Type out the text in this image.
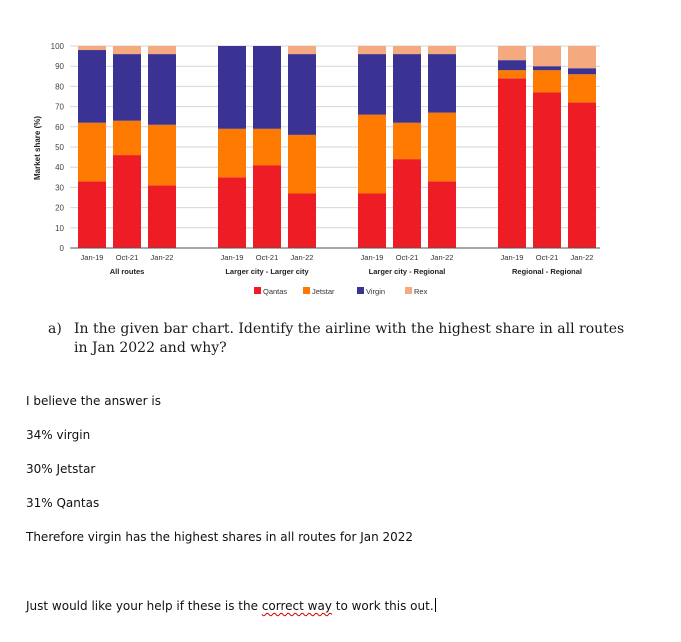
0
10
20
30
40
50
60
70
80
90
100
Jan-19 Oct-21 Jan-22
All routes
Jan-19 Oct-21 Jan-22
Larger city - Larger city
Jan-19 Oct-21 Jan-22
Larger city - Regional
Jan-19 Oct-21 Jan-22
Regional - Regional
Market share (%)
Qantas	Jetstar	Virgin	Rex
a) In the given bar chart. Identify the airline with the highest share in all routes in Jan 2022 and why?
I believe the answer is
34% virgin
30% Jetstar
31% Qantas
Therefore virgin has the highest shares in all routes for Jan 2022
Just would like your help if these is the correct way to work this out.
